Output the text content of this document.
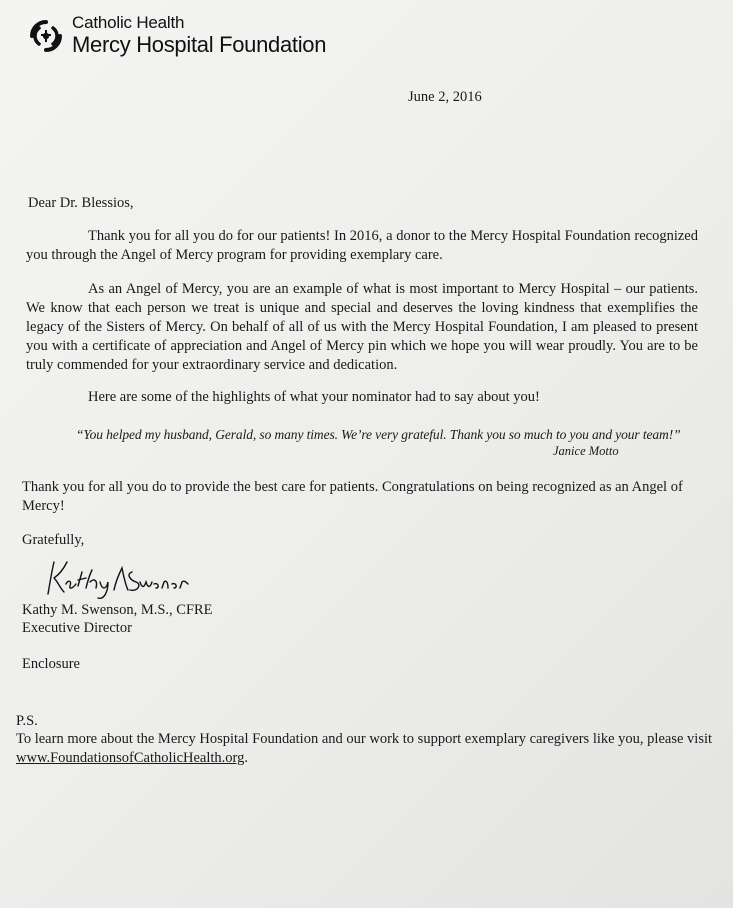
Catholic Health
Mercy Hospital Foundation
June 2, 2016
Dear Dr. Blessios,
Thank you for all you do for our patients! In 2016, a donor to the Mercy Hospital Foundation recognized you through the Angel of Mercy program for providing exemplary care.
As an Angel of Mercy, you are an example of what is most important to Mercy Hospital – our patients. We know that each person we treat is unique and special and deserves the loving kindness that exemplifies the legacy of the Sisters of Mercy. On behalf of all of us with the Mercy Hospital Foundation, I am pleased to present you with a certificate of appreciation and Angel of Mercy pin which we hope you will wear proudly. You are to be truly commended for your extraordinary service and dedication.
Here are some of the highlights of what your nominator had to say about you!
“You helped my husband, Gerald, so many times. We’re very grateful. Thank you so much to you and your team!”
Janice Motto
Thank you for all you do to provide the best care for patients. Congratulations on being recognized as an Angel of Mercy!
Gratefully,
Kathy M. Swenson, M.S., CFRE
Executive Director
Enclosure
P.S.
To learn more about the Mercy Hospital Foundation and our work to support exemplary caregivers like you, please visit www.FoundationsofCatholicHealth.org.
